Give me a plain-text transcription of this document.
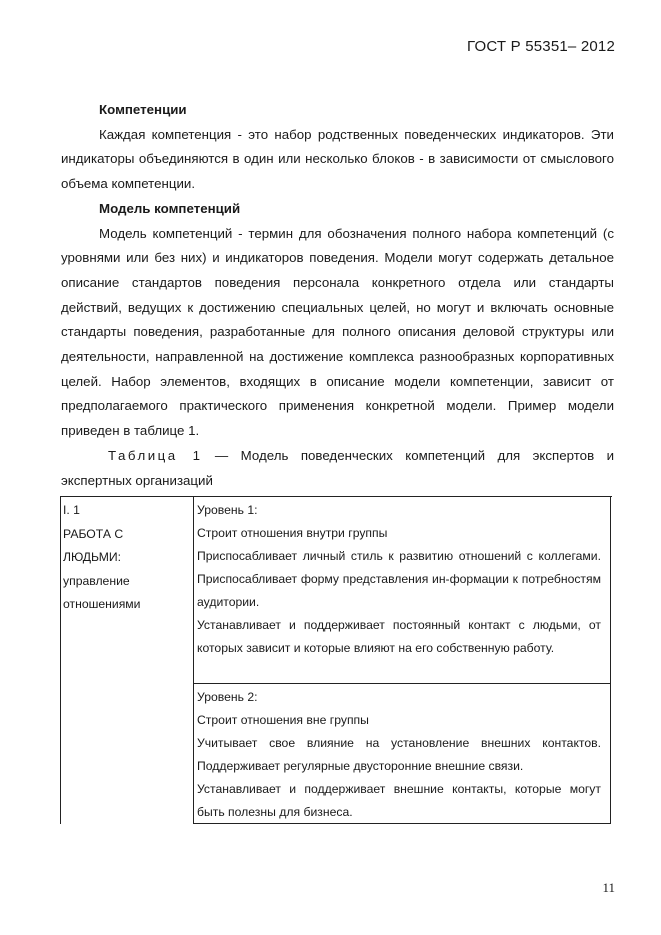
ГОСТ Р 55351– 2012

Компетенции

Каждая компетенция - это набор родственных поведенческих индикаторов. Эти индикаторы объединяются в один или несколько блоков - в зависимости от смыслового объема компетенции.

Модель компетенций

Модель компетенций - термин для обозначения полного набора компетенций (с уровнями или без них) и индикаторов поведения. Модели могут содержать детальное описание стандартов поведения персонала конкретного отдела или стандарты действий, ведущих к достижению специальных целей, но могут и включать основные стандарты поведения, разработанные для полного описания деловой структуры или деятельности, направленной на достижение комплекса разнообразных корпоративных целей. Набор элементов, входящих в описание модели компетенции, зависит от предполагаемого практического применения конкретной модели. Пример модели приведен в таблице 1.

Таблица 1 — Модель поведенческих компетенций для экспертов и экспертных организаций

I. 1
РАБОТА С
ЛЮДЬМИ:
управление
отношениями

Уровень 1:

Строит отношения внутри группы

Приспосабливает личный стиль к развитию отношений с коллегами. Приспосабливает форму представления ин-формации к потребностям аудитории.

Устанавливает и поддерживает постоянный контакт с людьми, от которых зависит и которые влияют на его собственную работу.

Уровень 2:

Строит отношения вне группы

Учитывает свое влияние на установление внешних контактов. Поддерживает регулярные двусторонние внешние связи.

Устанавливает и поддерживает внешние контакты, которые могут быть полезны для бизнеса.

11
